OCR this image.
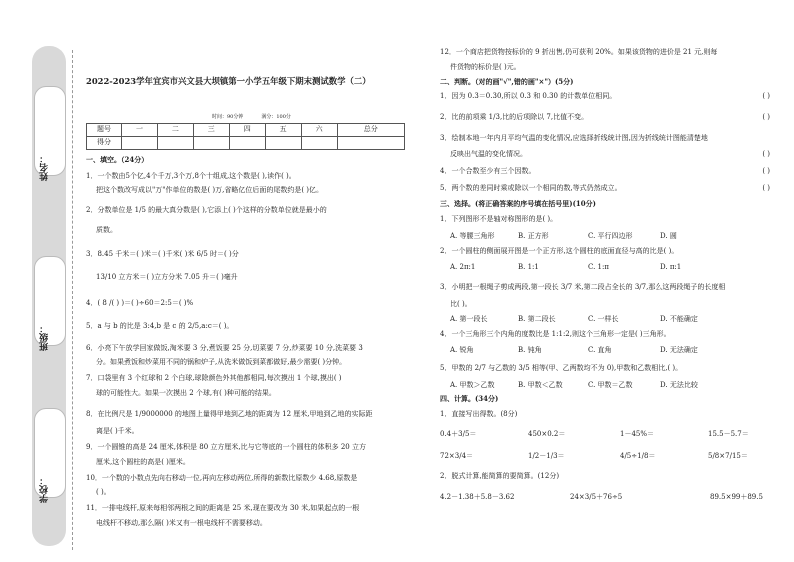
姓名：
班级：
学校：
2022-2023学年宜宾市兴文县大坝镇第一小学五年级下期末测试数学（二）
时间：90分钟	满分：100分
题号	一	二	三	四	五	六	总分
得分							

一、填空。（24分）

1．一个数由5个亿,4个千万,3个万,8个十组成,这个数是( ),读作( )。

把这个数改写成以"万"作单位的数是( )万,省略亿位后面的尾数约是( )亿。

2．分数单位是 1/5 的最大真分数是( ),它添上( )个这样的分数单位就是最小的

质数。

3．8.45 千米＝( )米＝( )千米( )米 6/5 时＝( )分

13/10 立方米＝( )立方分米 7.05 升＝( )毫升

4．( 8 /( ) )＝( )÷60＝2:5＝( )%

5．a 与 b 的比是 3:4,b 是 c 的 2/5,a:c＝( )。

6．小亮下午放学回家做饭,淘米要 3 分,煮饭要 25 分,切菜要 7 分,炒菜要 10 分,洗菜要 3

分。如果煮饭和炒菜用不同的锅和炉子,从洗米做饭到菜都做好,最少需要( )分钟。

7．口袋里有 3 个红球和 2 个白球,球除颜色外其他都相同,每次摸出 1 个球,摸出( )

球的可能性大。如果一次摸出 2 个球,有( )种可能的结果。

8．在比例尺是 1/9000000 的地图上量得甲地到乙地的距离为 12 厘米,甲地到乙地的实际距

离是( )千米。

9．一个圆锥的高是 24 厘米,体积是 80 立方厘米,比与它等底的一个圆柱的体积多 20 立方

厘米,这个圆柱的高是( )厘米。

10．一个数的小数点先向右移动一位,再向左移动两位,所得的新数比原数少 4.68,原数是

( )。

11．一排电线杆,原来每相邻两根之间的距离是 25 米,现在要改为 30 米,如果起点的一根

电线杆不移动,那么隔( )米又有一根电线杆不需要移动。

12．一个商店把货物按标价的 9 折出售,仍可获利 20%。如果该货物的进价是 21 元,则每

件货物的标价是( )元。

二、判断。（对的画"√",错的画"×"）(5分)

1．因为 0.3＝0.30,所以 0.3 和 0.30 的计数单位相同。	( )
2．比的前项乘 1/3,比的后项除以 7,比值不变。	( )
3．绘制本地一年内月平均气温的变化情况,应选择折线统计图,因为折线统计图能清楚地
反映出气温的变化情况。	( )
4．一个合数至少有三个因数。	( )
5．两个数的差同时乘或除以一个相同的数,等式仍然成立。	( )

三、选择。(将正确答案的序号填在括号里)(10分)

1．下列图形不是轴对称图形的是( )。

A. 等腰三角形	B. 正方形	C. 平行四边形	D. 圆

2．一个圆柱的侧面展开图是一个正方形,这个圆柱的底面直径与高的比是( )。

A. 2π:1	B. 1:1	C. 1:π	D. π:1

3．小明把一根绳子剪成两段,第一段长 3/7 米,第二段占全长的 3/7,那么这两段绳子的长度相

比( )。

A. 第一段长	B. 第二段长	C. 一样长	D. 不能确定

4．一个三角形三个内角的度数比是 1:1:2,则这个三角形一定是( )三角形。

A. 锐角	B. 钝角	C. 直角	D. 无法确定

5．甲数的 2/7 与乙数的 3/5 相等(甲、乙两数均不为 0),甲数和乙数相比,( )。

A. 甲数＞乙数	B. 甲数＜乙数	C. 甲数＝乙数	D. 无法比较

四、计算。(34分)

1．直接写出得数。(8分)

0.4＋3/5＝	450×0.2＝	1－45%＝	15.5－5.7＝

72×3/4＝	1/2－1/3＝	4/5÷1/8＝	5/8×7/15＝

2．脱式计算,能简算的要简算。(12分)

4.2－1.38＋5.8－3.62	24×3/5＋76÷5	89.5×99＋89.5
